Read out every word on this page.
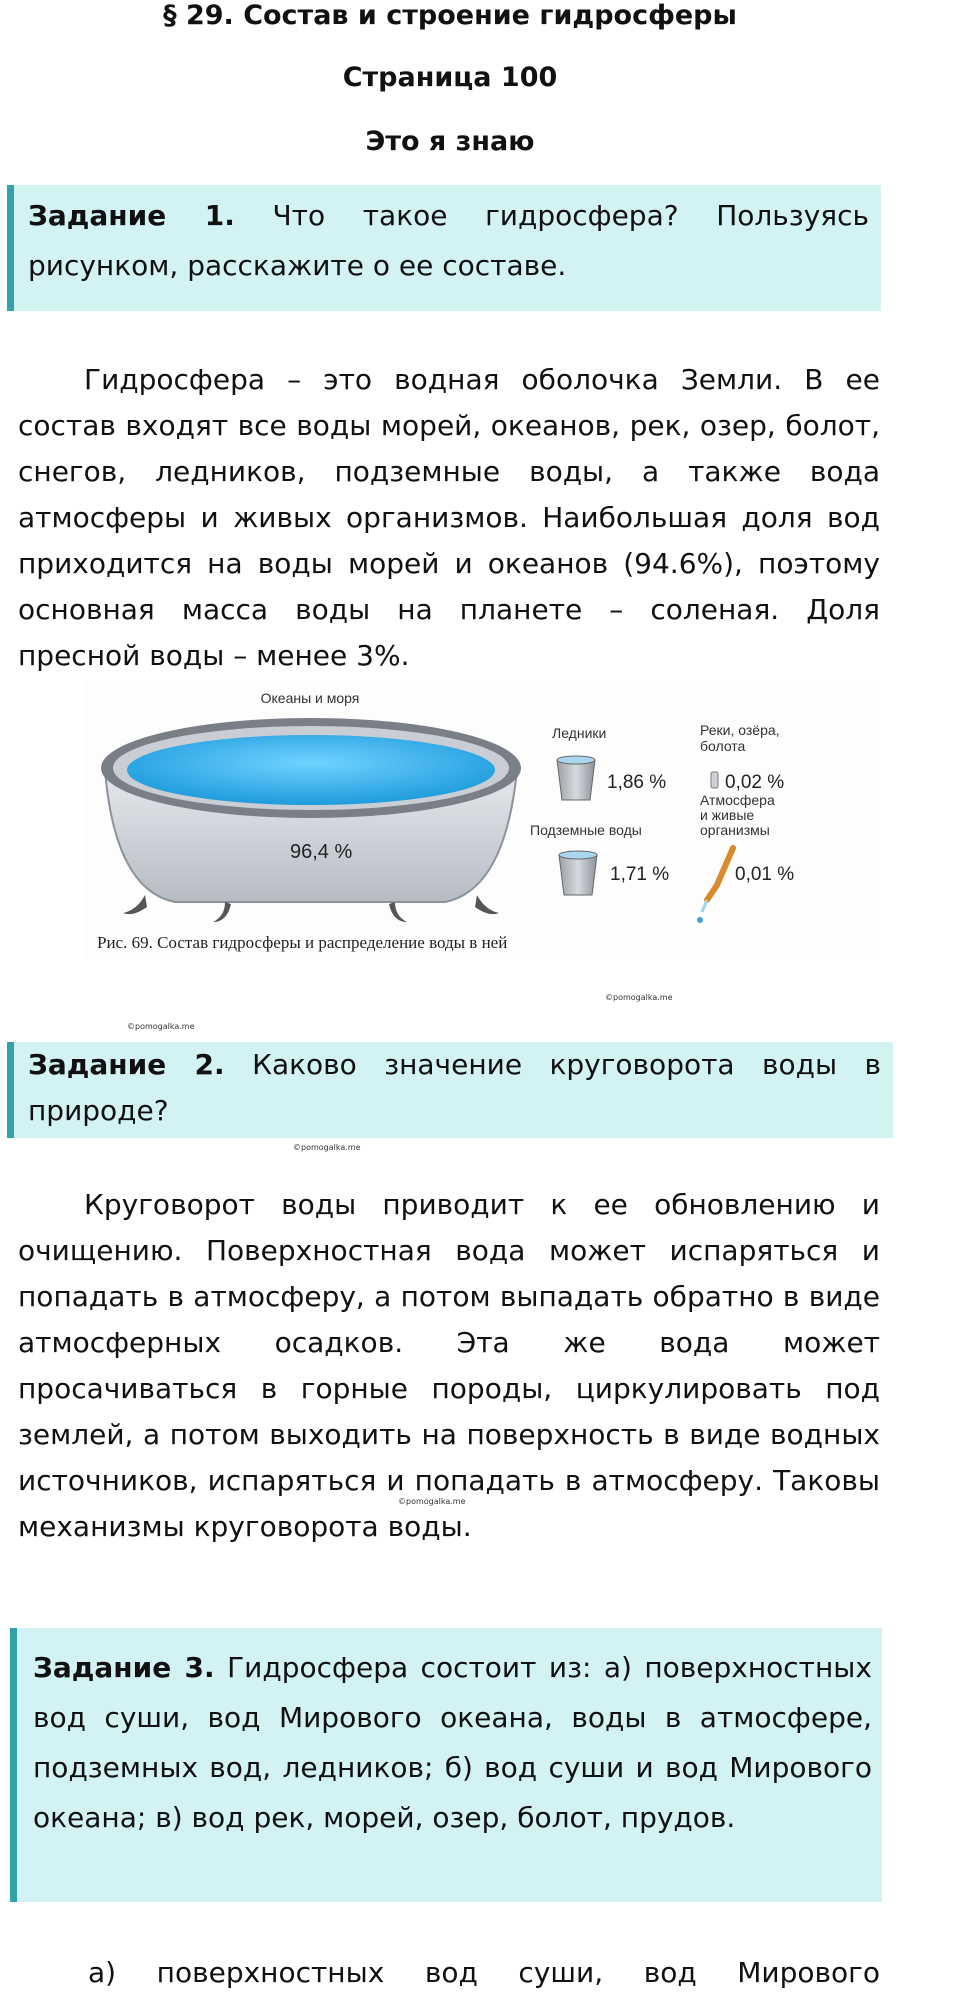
§ 29. Состав и строение гидросферы
Страница 100
Это я знаю
Задание 1. Что такое гидросфера? Пользуясь рисунком, расскажите о ее составе.
Гидросфера – это водная оболочка Земли. В ее состав входят все воды морей, океанов, рек, озер, болот, снегов, ледников, подземные воды, а также вода атмосферы и живых организмов. Наибольшая доля вод приходится на воды морей и океанов (94.6%), поэтому основная масса воды на планете – соленая. Доля пресной воды – менее 3%.
Океаны и моря
96,4 %
Ледники
1,86 %
Подземные воды
1,71 %
Реки, озёра,
болота
0,02 %
Атмосфера
и живые
организмы
0,01 %
Рис. 69. Состав гидросферы и распределение воды в ней
©pomogalka.me
©pomogalka.me
Задание 2. Каково значение круговорота воды в природе?
©pomogalka.me
Круговорот воды приводит к ее обновлению и очищению. Поверхностная вода может испаряться и попадать в атмосферу, а потом выпадать обратно в виде атмосферных осадков. Эта же вода может просачиваться в горные породы, циркулировать под землей, а потом выходить на поверхность в виде водных источников, испаряться и попадать в атмосферу. Таковы механизмы круговорота воды.
©pomogalka.me
Задание 3. Гидросфера состоит из: а) поверхностных вод суши, вод Мирового океана, воды в атмосфере, подземных вод, ледников; б) вод суши и вод Мирового океана; в) вод рек, морей, озер, болот, прудов.
а) поверхностных вод суши, вод Мирового
